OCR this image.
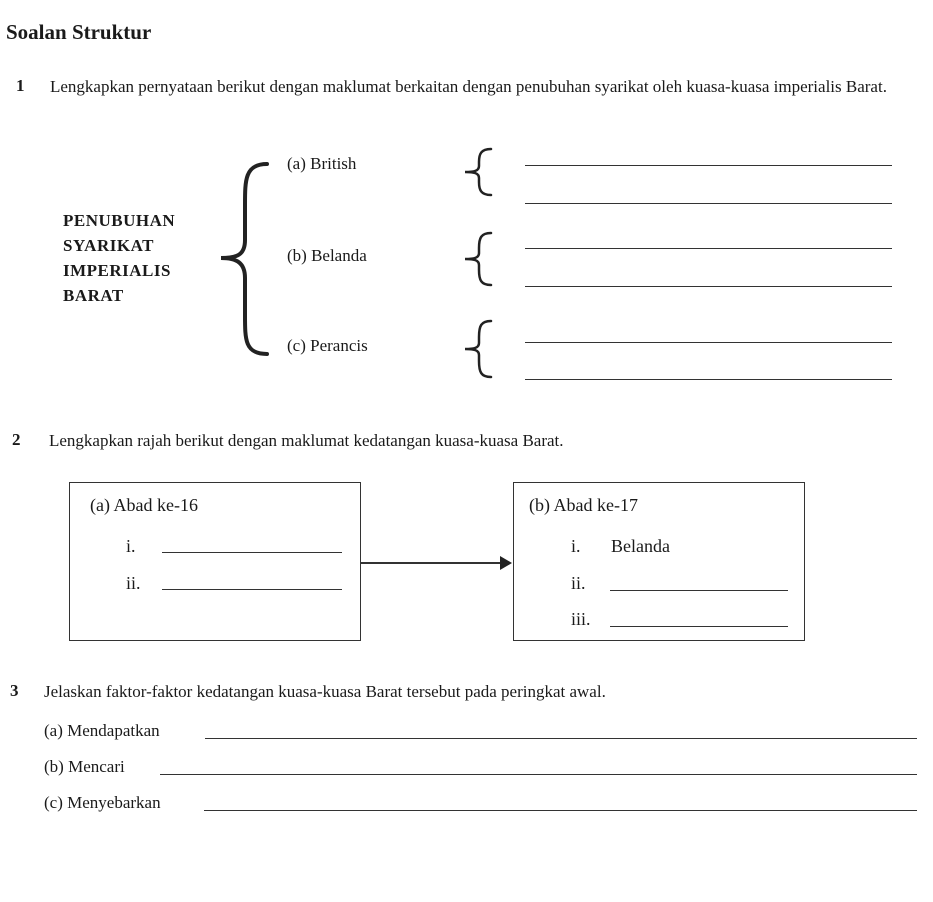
Soalan Struktur
1 Lengkapkan pernyataan berikut dengan maklumat berkaitan dengan penubuhan syarikat oleh kuasa-kuasa imperialis Barat.
PENUBUHAN
SYARIKAT
IMPERIALIS
BARAT
(a) British
(b) Belanda
(c) Perancis
2 Lengkapkan rajah berikut dengan maklumat kedatangan kuasa-kuasa Barat.
(a) Abad ke-16
i.
ii.
(b) Abad ke-17
i. Belanda
ii.
iii.
3 Jelaskan faktor-faktor kedatangan kuasa-kuasa Barat tersebut pada peringkat awal.
(a) Mendapatkan
(b) Mencari
(c) Menyebarkan
